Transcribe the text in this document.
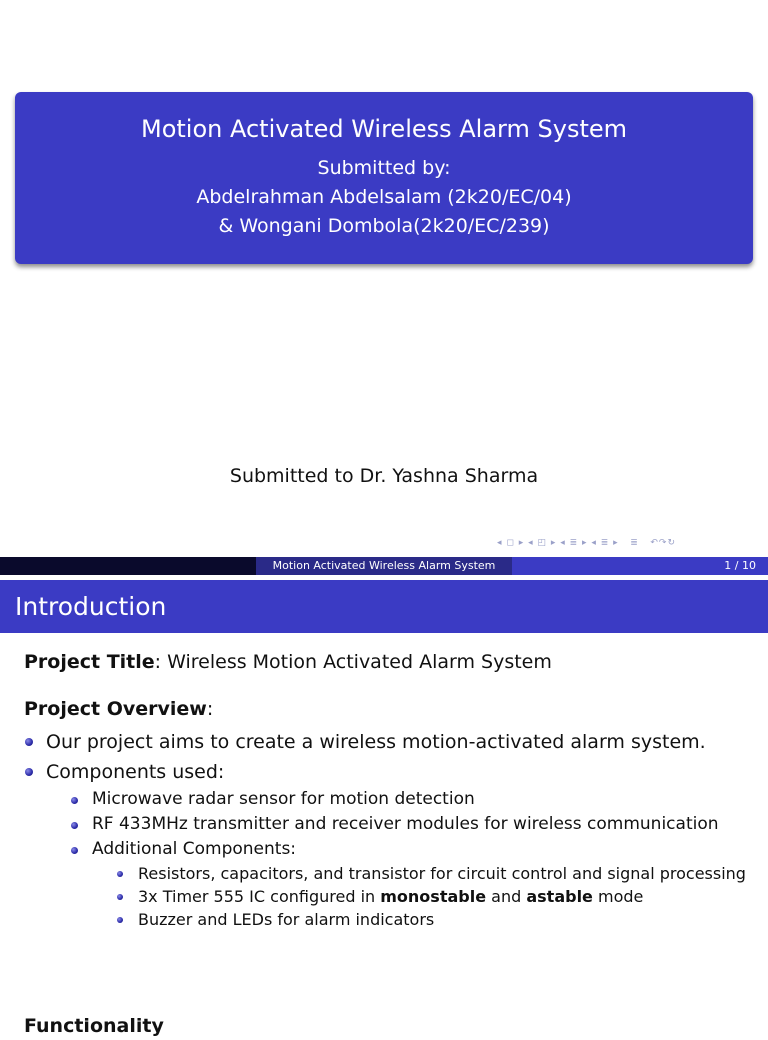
Motion Activated Wireless Alarm System
Submitted by:
Abdelrahman Abdelsalam (2k20/EC/04)
& Wongani Dombola(2k20/EC/239)
Submitted to Dr. Yashna Sharma
◂ ◻ ▸ ◂ ◰ ▸ ◂ ≣ ▸ ◂ ≣ ▸   ≣   ↶↷↻
Motion Activated Wireless Alarm System	1 / 10
Introduction

Project Title: Wireless Motion Activated Alarm System

Project Overview:

Our project aims to create a wireless motion-activated alarm system.
Components used:
Microwave radar sensor for motion detection
RF 433MHz transmitter and receiver modules for wireless communication
Additional Components:
Resistors, capacitors, and transistor for circuit control and signal processing
3x Timer 555 IC configured in monostable and astable mode
Buzzer and LEDs for alarm indicators
Functionality
